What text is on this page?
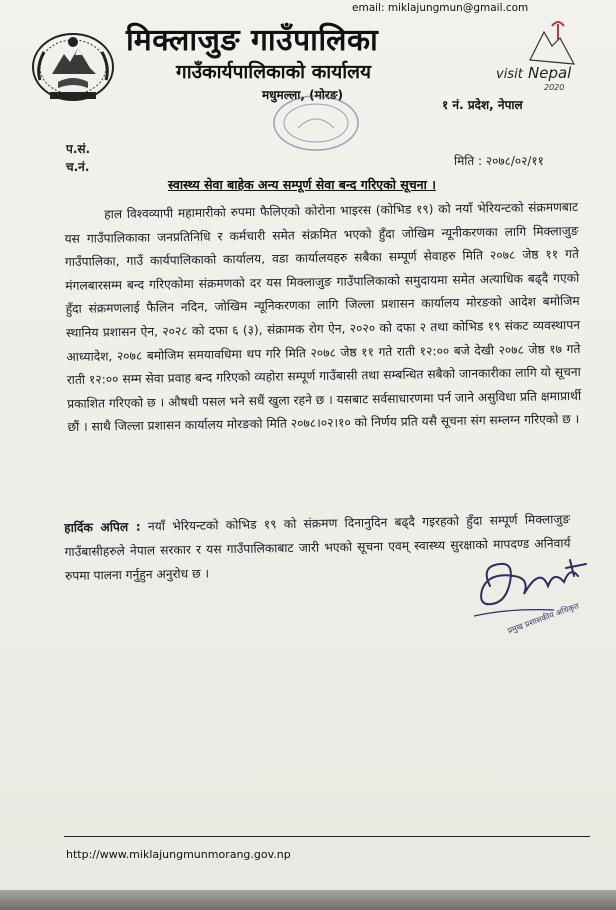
email: miklajungmun@gmail.com
मिक्लाजुङ गाउँपालिका
गाउँकार्यपालिकाको कार्यालय
मधुमल्ला, (मोरङ)
१ नं. प्रदेश, नेपाल
visit Nepal
2020
प.सं.
च.नं.	मिति : २०७८/०२/११
स्वास्थ्य सेवा बाहेक अन्य सम्पूर्ण सेवा बन्द गरिएको सूचना ।
हाल विश्वव्यापी महामारीको रुपमा फैलिएको कोरोना भाइरस (कोभिड १९) को नयाँ भेरियन्टको संक्रमणबाट यस गाउँपालिकाका जनप्रतिनिधि र कर्मचारी समेत संक्रमित भएको हुँदा जोखिम न्यूनीकरणका लागि मिक्लाजुङ गाउँपालिका, गाउँ कार्यपालिकाको कार्यालय, वडा कार्यालयहरु सबैका सम्पूर्ण सेवाहरु मिति २०७८ जेष्ठ ११ गते मंगलबारसम्म बन्द गरिएकोमा संक्रमणको दर यस मिक्लाजुङ गाउँपालिकाको समुदायमा समेत अत्याधिक बढ्दै गएको हुँदा संक्रमणलाई फैलिन नदिन, जोखिम न्यूनिकरणका लागि जिल्ला प्रशासन कार्यालय मोरङको आदेश बमोजिम स्थानिय प्रशासन ऐन, २०२८ को दफा ६ (३), संक्रामक रोग ऐन, २०२० को दफा २ तथा कोभिड १९ संकट व्यवस्थापन आध्यादेश, २०७८ बमोजिम समयावधिमा थप गरि मिति २०७८ जेष्ठ ११ गते राती १२:०० बजे देखी २०७८ जेष्ठ १७ गते राती १२:०० सम्म सेवा प्रवाह बन्द गरिएको व्यहोरा सम्पूर्ण गाउँबासी तथा सम्बन्धित सबैको जानकारीका लागि यो सूचना प्रकाशित गरिएको छ । औषधी पसल भने सधैं खुला रहने छ । यसबाट सर्वसाधारणमा पर्न जाने असुविधा प्रति क्षमाप्रार्थी छौं । साथै जिल्ला प्रशासन कार्यालय मोरङको मिति २०७८।०२।१० को निर्णय प्रति यसै सूचना संग सम्लग्न गरिएको छ ।
हार्दिक अपिल : नयाँ भेरियन्टको कोभिड १९ को संक्रमण दिनानुदिन बढ्दै गइरहको हुँदा सम्पूर्ण मिक्लाजुङ गाउँबासीहरुले नेपाल सरकार र यस गाउँपालिकाबाट जारी भएको सूचना एवम् स्वास्थ्य सुरक्षाको मापदण्ड अनिवार्य रुपमा पालना गर्नुहुन अनुरोध छ ।
प्रमुख प्रशासकीय अधिकृत
http://www.miklajungmunmorang.gov.np
